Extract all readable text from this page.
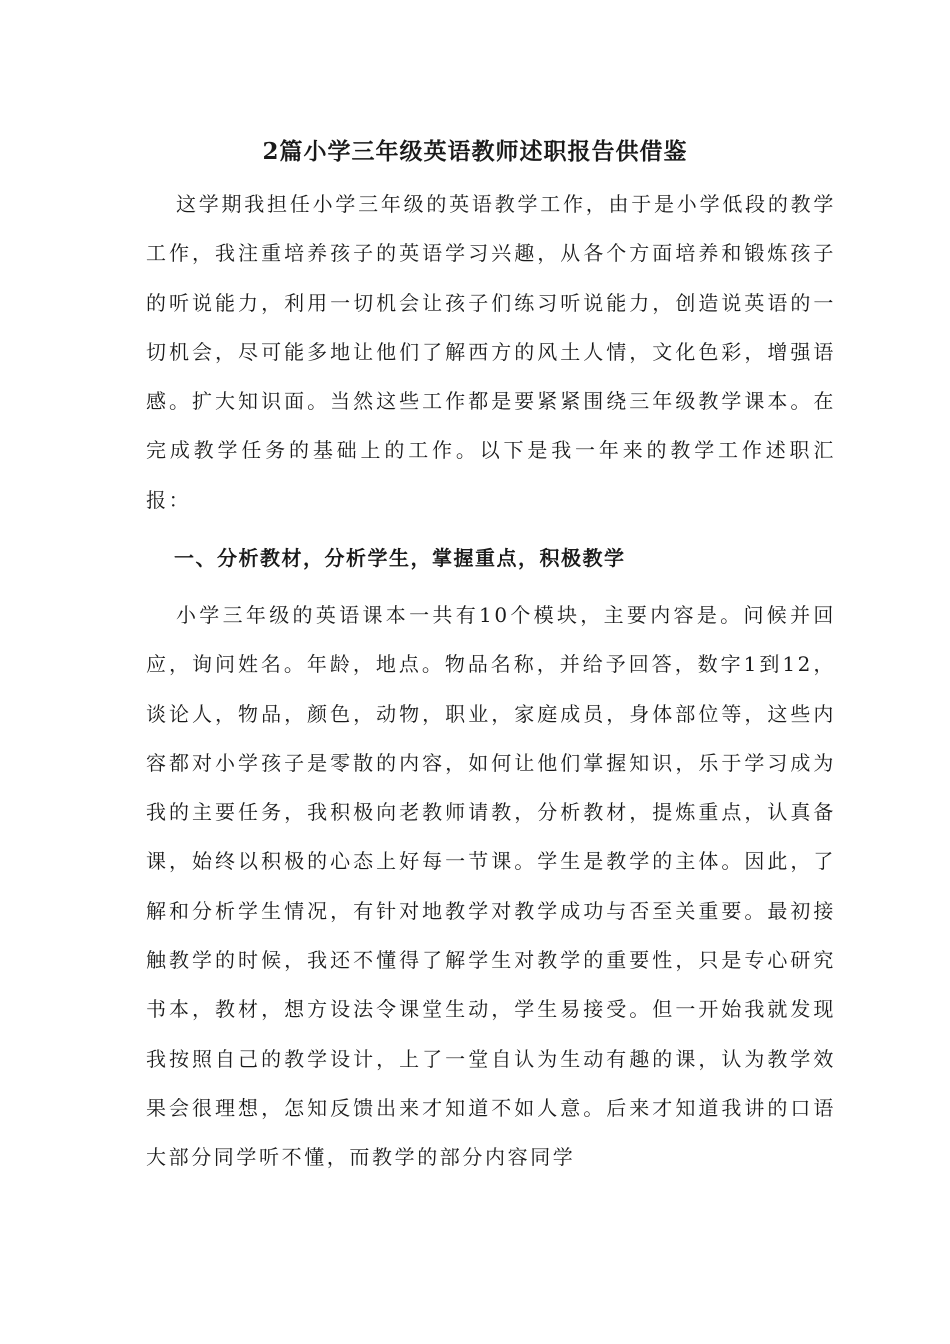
2篇小学三年级英语教师述职报告供借鉴

这学期我担任小学三年级的英语教学工作，由于是小学低段的教学工作，我注重培养孩子的英语学习兴趣，从各个方面培养和锻炼孩子的听说能力，利用一切机会让孩子们练习听说能力，创造说英语的一切机会，尽可能多地让他们了解西方的风土人情，文化色彩，增强语感。扩大知识面。当然这些工作都是要紧紧围绕三年级教学课本。在完成教学任务的基础上的工作。以下是我一年来的教学工作述职汇报：

一、分析教材，分析学生，掌握重点，积极教学

小学三年级的英语课本一共有10个模块，主要内容是。问候并回应，询问姓名。年龄，地点。物品名称，并给予回答，数字1到12，谈论人，物品，颜色，动物，职业，家庭成员，身体部位等，这些内容都对小学孩子是零散的内容，如何让他们掌握知识，乐于学习成为我的主要任务，我积极向老教师请教，分析教材，提炼重点，认真备课，始终以积极的心态上好每一节课。学生是教学的主体。因此，了解和分析学生情况，有针对地教学对教学成功与否至关重要。最初接触教学的时候，我还不懂得了解学生对教学的重要性，只是专心研究书本，教材，想方设法令课堂生动，学生易接受。但一开始我就发现我按照自己的教学设计，上了一堂自认为生动有趣的课，认为教学效果会很理想，怎知反馈出来才知道不如人意。后来才知道我讲的口语大部分同学听不懂，而教学的部分内容同学
